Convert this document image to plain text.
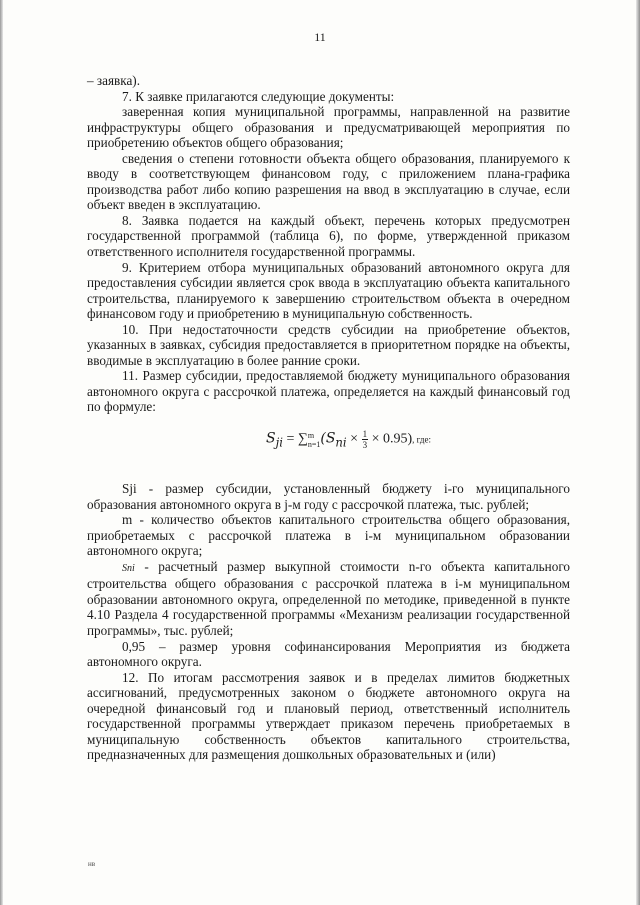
11

– заявка).

7. К заявке прилагаются следующие документы:

заверенная копия муниципальной программы, направленной на развитие инфраструктуры общего образования и предусматривающей мероприятия по приобретению объектов общего образования;

сведения о степени готовности объекта общего образования, планируемого к вводу в соответствующем финансовом году, с приложением плана-графика производства работ либо копию разрешения на ввод в эксплуатацию в случае, если объект введен в эксплуатацию.

8. Заявка подается на каждый объект, перечень которых предусмотрен государственной программой (таблица 6), по форме, утвержденной приказом ответственного исполнителя государственной программы.

9. Критерием отбора муниципальных образований автономного округа для предоставления субсидии является срок ввода в эксплуатацию объекта капитального строительства, планируемого к завершению строительством объекта в очередном финансовом году и приобретению в муниципальную собственность.

10. При недостаточности средств субсидии на приобретение объектов, указанных в заявках, субсидия предоставляется в приоритетном порядке на объекты, вводимые в эксплуатацию в более ранние сроки.

11. Размер субсидии, предоставляемой бюджету муниципального образования автономного округа с рассрочкой платежа, определяется на каждый финансовый год по формуле:

$S_{ji}$ = ∑ m
n=1 $(S_{ni} \times \frac{1}{3} \times 0.95)$, где:

Sji - размер субсидии, установленный бюджету i-го муниципального образования автономного округа в j-м году с рассрочкой платежа, тыс. рублей;

m - количество объектов капитального строительства общего образования, приобретаемых с рассрочкой платежа в i-м муниципальном образовании автономного округа;

Sni - расчетный размер выкупной стоимости n-го объекта капитального строительства общего образования с рассрочкой платежа в i-м муниципальном образовании автономного округа, определенной по методике, приведенной в пункте 4.10 Раздела 4 государственной программы «Механизм реализации государственной программы», тыс. рублей;

0,95 – размер уровня софинансирования Мероприятия из бюджета автономного округа.

12. По итогам рассмотрения заявок и в пределах лимитов бюджетных ассигнований, предусмотренных законом о бюджете автономного округа на очередной финансовый год и плановый период, ответственный исполнитель государственной программы утверждает приказом перечень приобретаемых в муниципальную собственность объектов капитального строительства, предназначенных для размещения дошкольных образовательных и (или)

нв
